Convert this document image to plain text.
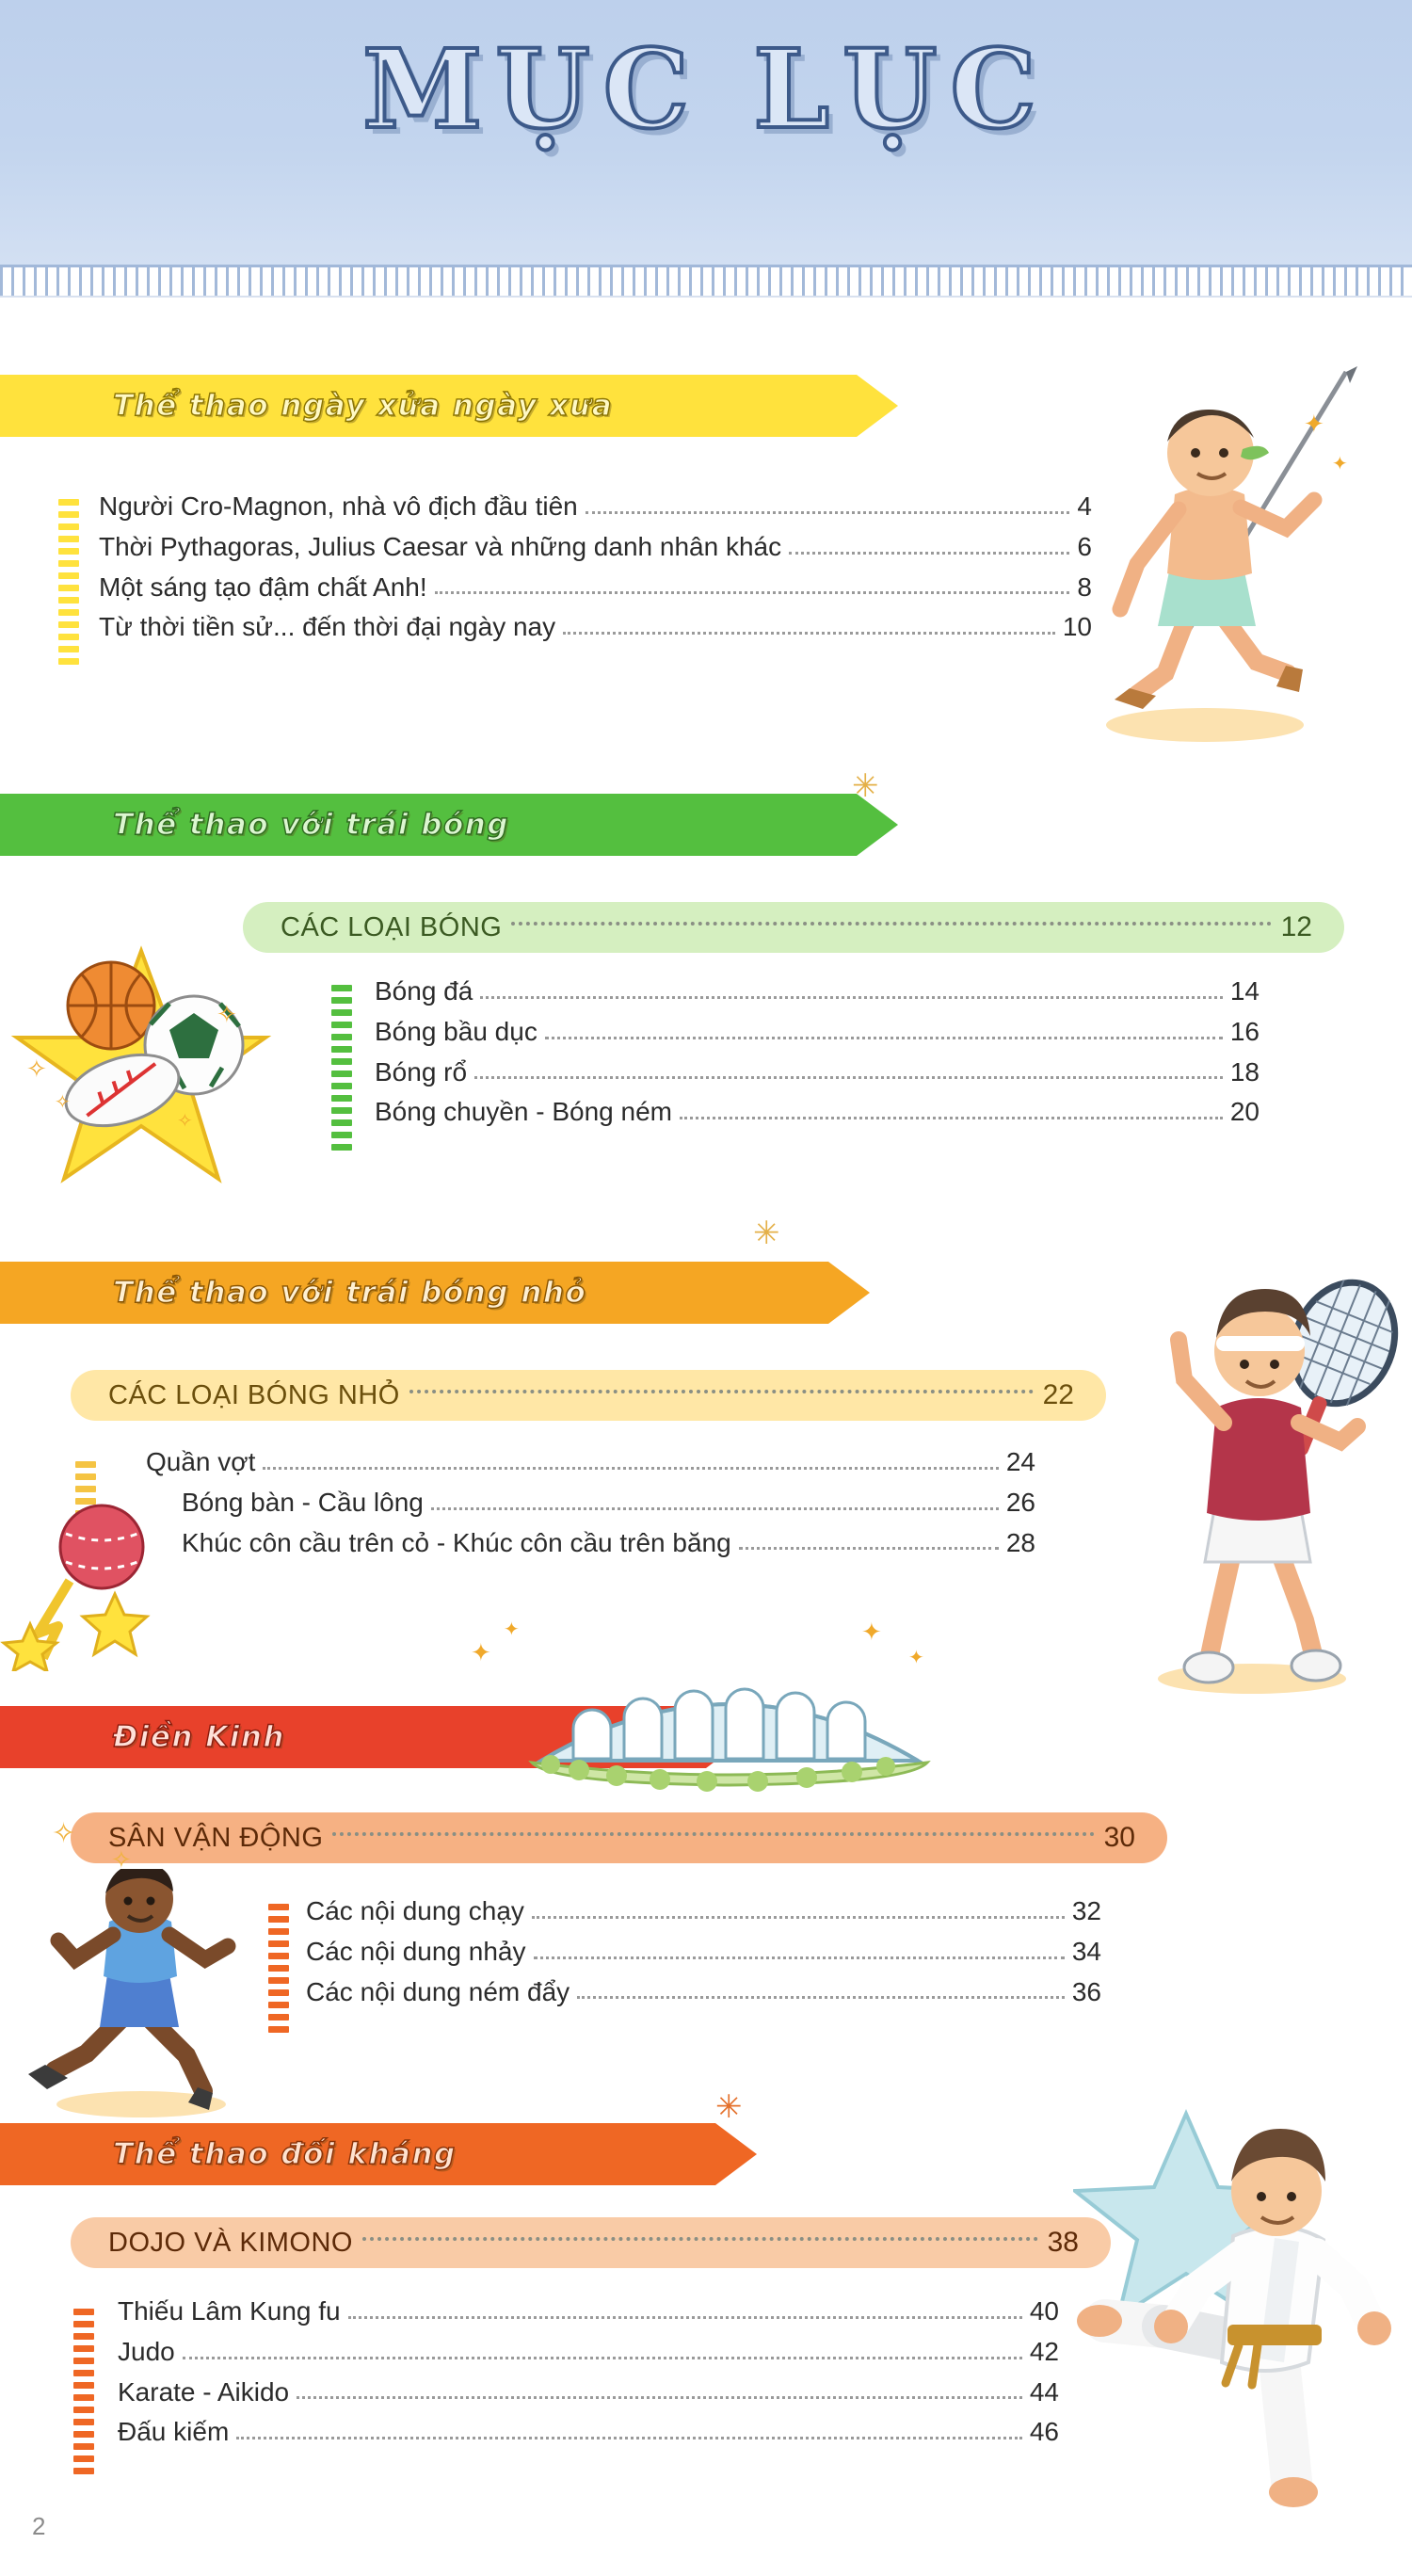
MỤC LỤC
Thể thao ngày xửa ngày xưa
Người Cro-Magnon, nhà vô địch đầu tiên	4
Thời Pythagoras, Julius Caesar và những danh nhân khác	6
Một sáng tạo đậm chất Anh!	8
Từ thời tiền sử... đến thời đại ngày nay	10
✦
✦
Thể thao với trái bóng
✳
CÁC LOẠI BÓNG	12
Bóng đá	14
Bóng bầu dục	16
Bóng rổ	18
Bóng chuyền - Bóng ném	20
✧
✧
✧
✧
Thể thao với trái bóng nhỏ
✳
CÁC LOẠI BÓNG NHỎ	22
Quần vợt	24
Bóng bàn - Cầu lông	26
Khúc côn cầu trên cỏ - Khúc côn cầu trên băng	28
Điền Kinh
✦
✦	✦
✦
SÂN VẬN ĐỘNG	30
Các nội dung chạy	32
Các nội dung nhảy	34
Các nội dung ném đẩy	36
✧
✧
Thể thao đối kháng
✳
DOJO VÀ KIMONO	38
Thiếu Lâm Kung fu	40
Judo	42
Karate - Aikido	44
Đấu kiếm	46
2
